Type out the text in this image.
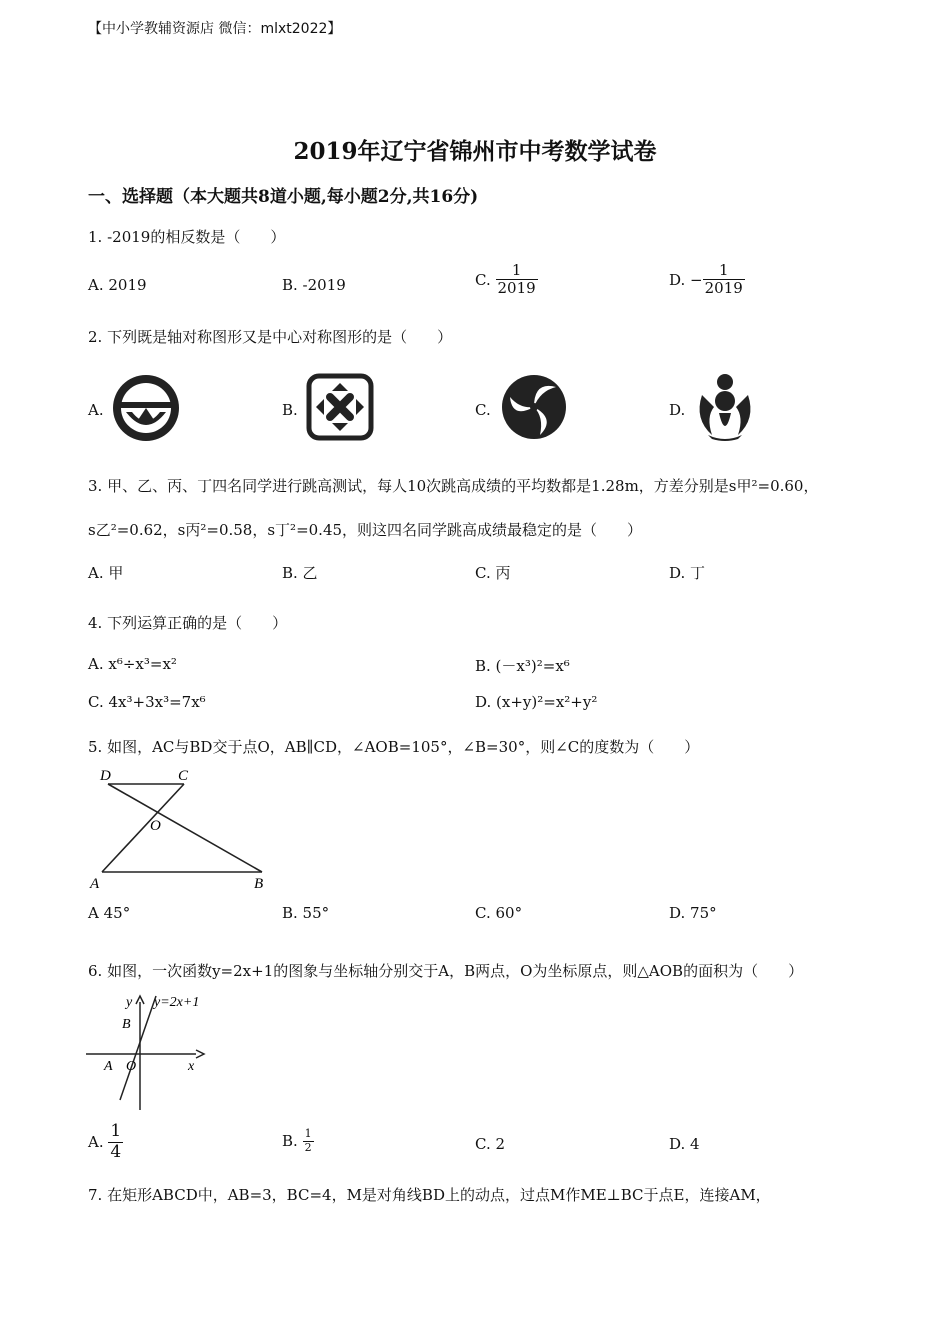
【中小学教辅资源店 微信：mlxt2022】
2019年辽宁省锦州市中考数学试卷
一、选择题（本大题共8道小题,每小题2分,共16分)
1. -2019的相反数是（　　）
A. 2019	B. -2019	C. $\frac{1}{2019}$	D. − $\frac{1}{2019}$
2. 下列既是轴对称图形又是中心对称图形的是（　　）
A.	B.	C.	D.
3. 甲、乙、丙、丁四名同学进行跳高测试，每人10次跳高成绩的平均数都是1.28m，方差分别是s甲²=0.60，
s乙²=0.62，s丙²=0.58，s丁²=0.45，则这四名同学跳高成绩最稳定的是（　　）
A. 甲	B. 乙	C. 丙	D. 丁
4. 下列运算正确的是（　　）
A. x⁶÷x³=x²	B. (－x³)²=x⁶
C. 4x³+3x³=7x⁶	D. (x+y)²=x²+y²
5. 如图，AC与BD交于点O，AB∥CD，∠AOB=105°，∠B=30°，则∠C的度数为（　　）
D	C
O
A	B
A 45°	B. 55°	C. 60°	D. 75°
6. 如图，一次函数y=2x+1的图象与坐标轴分别交于A，B两点，O为坐标原点，则△AOB的面积为（　　）
y y=2x+1
B
A O	x
A. $\frac{1}{4}$	B. $\frac{1}{2}$	C. 2	D. 4
7. 在矩形ABCD中，AB=3，BC=4，M是对角线BD上的动点，过点M作ME⊥BC于点E，连接AM，
